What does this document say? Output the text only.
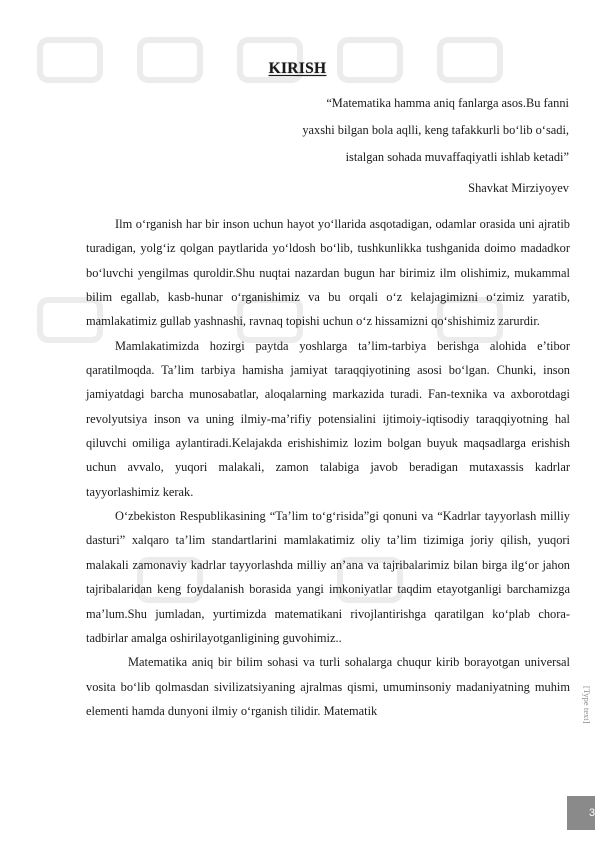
KIRISH
“Matematika hamma aniq fanlarga asos.Bu fanni
yaxshi bilgan bola aqlli, keng tafakkurli bo‘lib o‘sadi,
istalgan sohada muvaffaqiyatli ishlab ketadi”
Shavkat Mirziyoyev

Ilm o‘rganish har bir inson uchun hayot yo‘llarida asqotadigan, odamlar orasida uni ajratib turadigan, yolg‘iz qolgan paytlarida yo‘ldosh bo‘lib, tushkunlikka tushganida doimo madadkor bo‘luvchi yengilmas quroldir.Shu nuqtai nazardan bugun har birimiz ilm olishimiz, mukammal bilim egallab, kasb-hunar o‘rganishimiz va bu orqali o‘z kelajagimizni o‘zimiz yaratib, mamlakatimiz gullab yashnashi, ravnaq topishi uchun o‘z hissamizni qo‘shishimiz zarurdir.

Mamlakatimizda hozirgi paytda yoshlarga ta’lim-tarbiya berishga alohida e’tibor qaratilmoqda. Ta’lim tarbiya hamisha jamiyat taraqqiyotining asosi bo‘lgan. Chunki, inson jamiyatdagi barcha munosabatlar, aloqalarning markazida turadi. Fan-texnika va axborotdagi revolyutsiya inson va uning ilmiy-ma’rifiy potensialini ijtimoiy-iqtisodiy taraqqiyotning hal qiluvchi omiliga aylantiradi.Kelajakda erishishimiz lozim bolgan buyuk maqsadlarga erishish uchun avvalo, yuqori malakali, zamon talabiga javob beradigan mutaxassis kadrlar tayyorlashimiz kerak.

O‘zbekiston Respublikasining “Ta’lim to‘g‘risida”gi qonuni va “Kadrlar tayyorlash milliy dasturi” xalqaro ta’lim standartlarini mamlakatimiz oliy ta’lim tizimiga joriy qilish, yuqori malakali zamonaviy kadrlar tayyorlashda milliy an’ana va tajribalarimiz bilan birga ilg‘or jahon tajribalaridan keng foydalanish borasida yangi imkoniyatlar taqdim etayotganligi barchamizga ma’lum.Shu jumladan, yurtimizda matematikani rivojlantirishga qaratilgan ko‘plab chora- tadbirlar amalga oshirilayotganligining guvohimiz..

Matematika aniq bir bilim sohasi va turli sohalarga chuqur kirib borayotgan universal vosita bo‘lib qolmasdan sivilizatsiyaning ajralmas qismi, umuminsoniy madaniyatning muhim elementi hamda dunyoni ilmiy o‘rganish tilidir. Matematik	[Type text]
3
